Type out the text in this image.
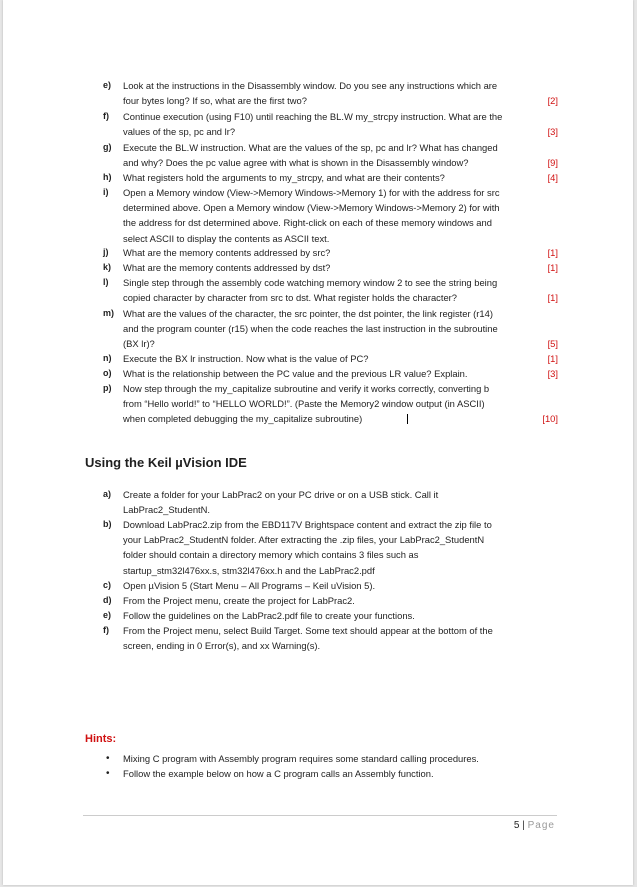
e) Look at the instructions in the Disassembly window. Do you see any instructions which are
four bytes long? If so, what are the first two?	[2]
f) Continue execution (using F10) until reaching the BL.W my_strcpy instruction. What are the
values of the sp, pc and lr?	[3]
g) Execute the BL.W instruction. What are the values of the sp, pc and lr? What has changed
and why? Does the pc value agree with what is shown in the Disassembly window?	[9]
h) What registers hold the arguments to my_strcpy, and what are their contents?	[4]
i) Open a Memory window (View->Memory Windows->Memory 1) for with the address for src
determined above. Open a Memory window (View->Memory Windows->Memory 2) for with
the address for dst determined above. Right-click on each of these memory windows and
select ASCII to display the contents as ASCII text.
j) What are the memory contents addressed by src?	[1]
k) What are the memory contents addressed by dst?	[1]
l) Single step through the assembly code watching memory window 2 to see the string being
copied character by character from src to dst. What register holds the character?	[1]
m) What are the values of the character, the src pointer, the dst pointer, the link register (r14)
and the program counter (r15) when the code reaches the last instruction in the subroutine
(BX lr)?	[5]
n) Execute the BX lr instruction. Now what is the value of PC?	[1]
o) What is the relationship between the PC value and the previous LR value? Explain.	[3]
p) Now step through the my_capitalize subroutine and verify it works correctly, converting b
from “Hello world!” to “HELLO WORLD!”. (Paste the Memory2 window output (in ASCII)
when completed debugging the my_capitalize subroutine)	[10]
Using the Keil µVision IDE
a) Create a folder for your LabPrac2 on your PC drive or on a USB stick. Call it
LabPrac2_StudentN.
b) Download LabPrac2.zip from the EBD117V Brightspace content and extract the zip file to
your LabPrac2_StudentN folder. After extracting the .zip files, your LabPrac2_StudentN
folder should contain a directory memory which contains 3 files such as
startup_stm32l476xx.s, stm32l476xx.h and the LabPrac2.pdf
c) Open µVision 5 (Start Menu – All Programs – Keil uVision 5).
d) From the Project menu, create the project for LabPrac2.
e) Follow the guidelines on the LabPrac2.pdf file to create your functions.
f) From the Project menu, select Build Target. Some text should appear at the bottom of the
screen, ending in 0 Error(s), and xx Warning(s).
Hints:
• Mixing C program with Assembly program requires some standard calling procedures.
• Follow the example below on how a C program calls an Assembly function.
5 | Page
